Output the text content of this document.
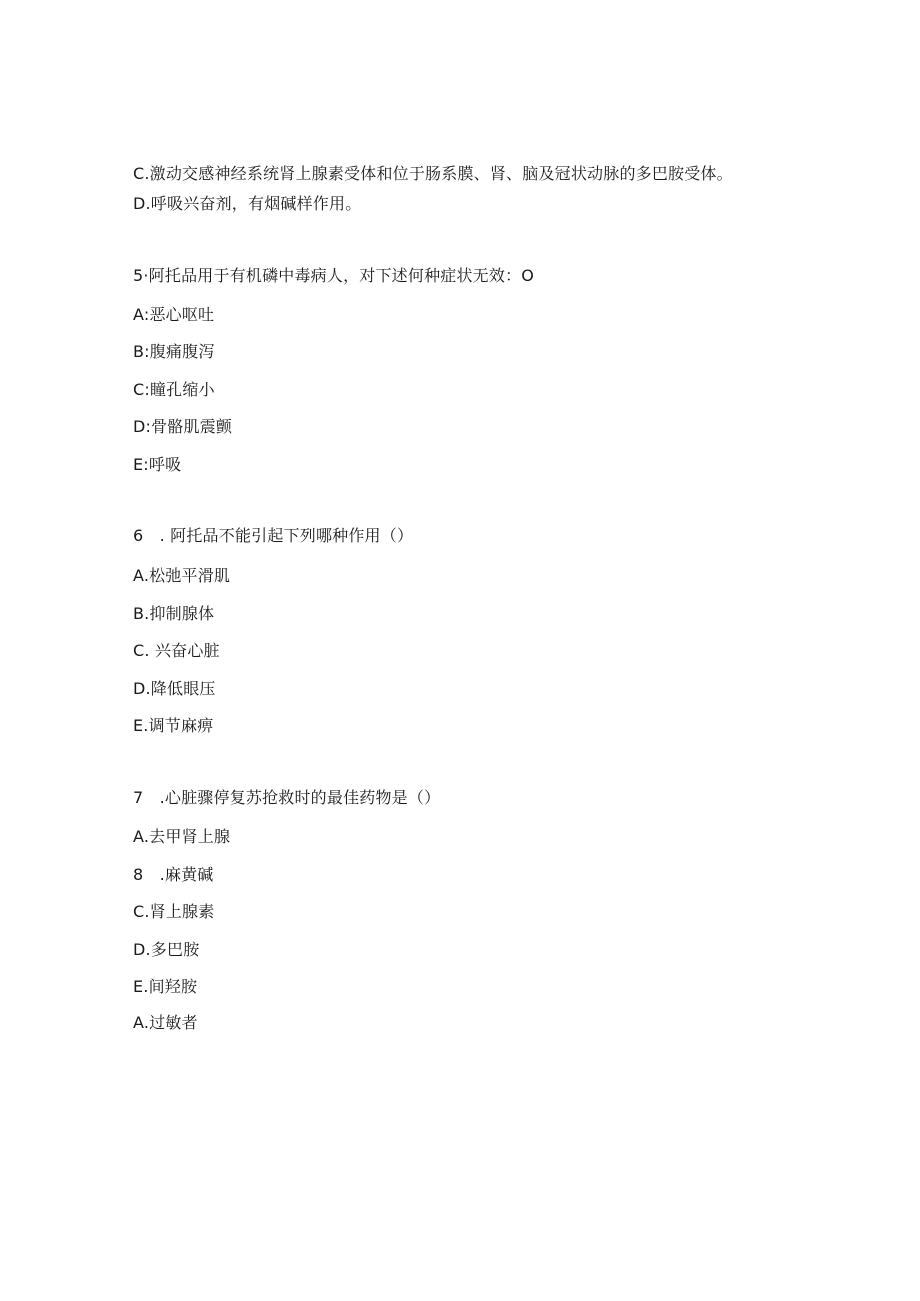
C.激动交感神经系统肾上腺素受体和位于肠系膜、肾、脑及冠状动脉的多巴胺受体。
D.呼吸兴奋剂，有烟碱样作用。
5·阿托品用于有机磷中毒病人，对下述何种症状无效：O
A:恶心呕吐
B:腹痛腹泻
C:瞳孔缩小
D:骨骼肌震颤
E:呼吸
6　. 阿托品不能引起下列哪种作用（）
A.松弛平滑肌
B.抑制腺体
C. 兴奋心脏
D.降低眼压
E.调节麻痹
7　.心脏骤停复苏抢救时的最佳药物是（）
A.去甲肾上腺
8　.麻黄碱
C.肾上腺素
D.多巴胺
E.间羟胺
A.过敏者
